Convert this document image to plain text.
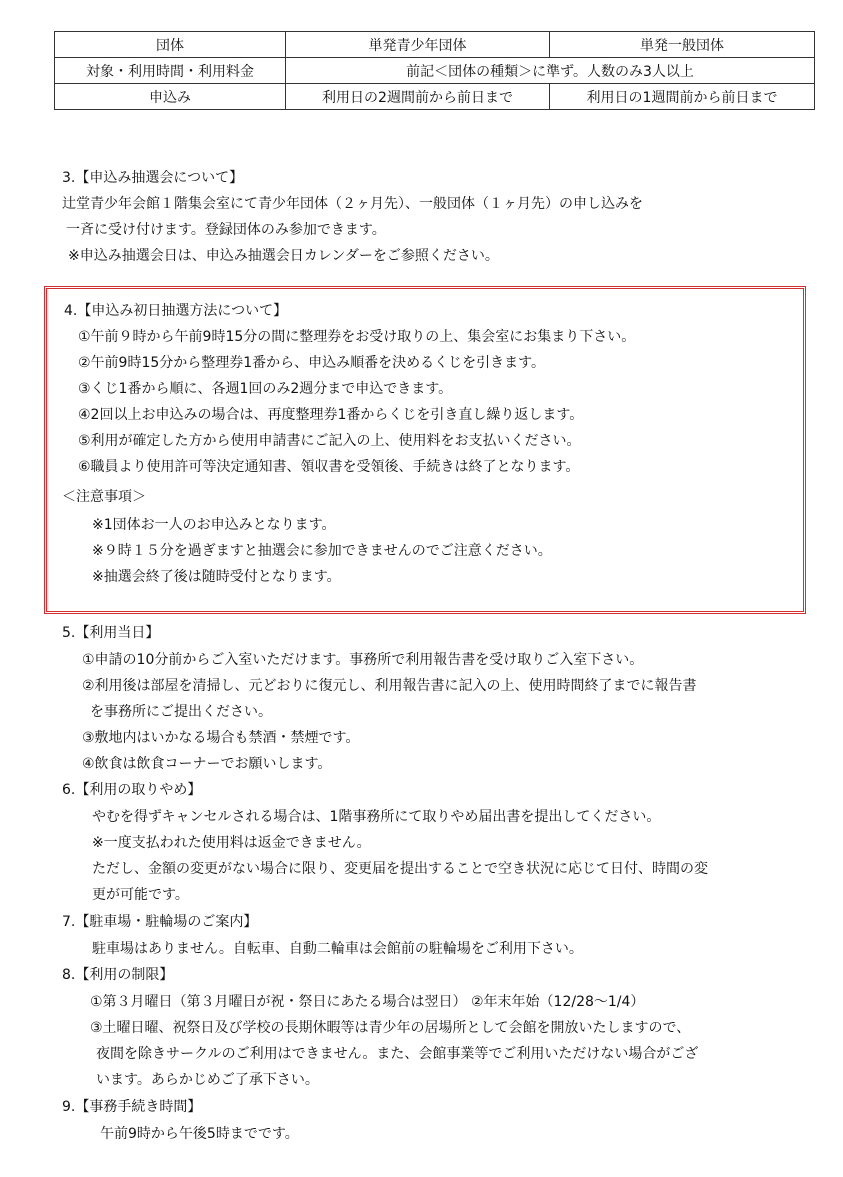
団体	単発青少年団体	単発一般団体
対象・利用時間・利用料金	前記＜団体の種類＞に準ず。人数のみ3人以上	
申込み	利用日の2週間前から前日まで	利用日の1週間前から前日まで
3.【申込み抽選会について】
辻堂青少年会館１階集会室にて青少年団体（２ヶ月先）、一般団体（１ヶ月先）の申し込みを
一斉に受け付けます。登録団体のみ参加できます。
※申込み抽選会日は、申込み抽選会日カレンダーをご参照ください。
4.【申込み初日抽選方法について】
①午前９時から午前9時15分の間に整理券をお受け取りの上、集会室にお集まり下さい。
②午前9時15分から整理券1番から、申込み順番を決めるくじを引きます。
③くじ1番から順に、各週1回のみ2週分まで申込できます。
④2回以上お申込みの場合は、再度整理券1番からくじを引き直し繰り返します。
⑤利用が確定した方から使用申請書にご記入の上、使用料をお支払いください。
⑥職員より使用許可等決定通知書、領収書を受領後、手続きは終了となります。
＜注意事項＞
※1団体お一人のお申込みとなります。
※９時１５分を過ぎますと抽選会に参加できませんのでご注意ください。
※抽選会終了後は随時受付となります。
5.【利用当日】
①申請の10分前からご入室いただけます。事務所で利用報告書を受け取りご入室下さい。
②利用後は部屋を清掃し、元どおりに復元し、利用報告書に記入の上、使用時間終了までに報告書
を事務所にご提出ください。
③敷地内はいかなる場合も禁酒・禁煙です。
④飲食は飲食コーナーでお願いします。
6.【利用の取りやめ】
やむを得ずキャンセルされる場合は、1階事務所にて取りやめ届出書を提出してください。
※一度支払われた使用料は返金できません。
ただし、金額の変更がない場合に限り、変更届を提出することで空き状況に応じて日付、時間の変
更が可能です。
7.【駐車場・駐輪場のご案内】
駐車場はありません。自転車、自動二輪車は会館前の駐輪場をご利用下さい。
8.【利用の制限】
①第３月曜日（第３月曜日が祝・祭日にあたる場合は翌日） ②年末年始（12/28〜1/4）
③土曜日曜、祝祭日及び学校の長期休暇等は青少年の居場所として会館を開放いたしますので、
夜間を除きサークルのご利用はできません。また、会館事業等でご利用いただけない場合がござ
います。あらかじめご了承下さい。
9.【事務手続き時間】
午前9時から午後5時までです。
